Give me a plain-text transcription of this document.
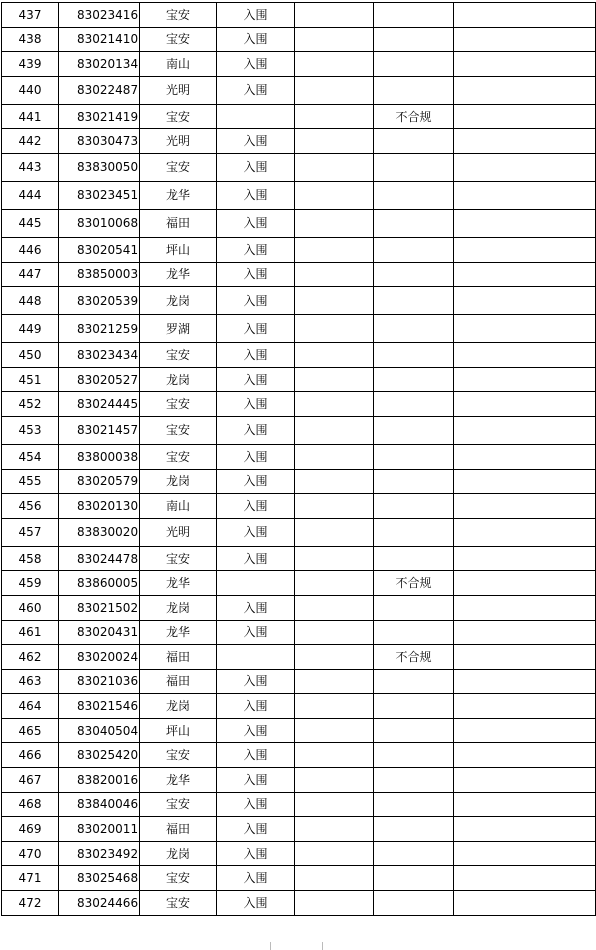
437	83023416	宝安	入围			
438	83021410	宝安	入围			
439	83020134	南山	入围			
440	83022487	光明	入围			
441	83021419	宝安			不合规	
442	83030473	光明	入围			
443	83830050	宝安	入围			
444	83023451	龙华	入围			
445	83010068	福田	入围			
446	83020541	坪山	入围			
447	83850003	龙华	入围			
448	83020539	龙岗	入围			
449	83021259	罗湖	入围			
450	83023434	宝安	入围			
451	83020527	龙岗	入围			
452	83024445	宝安	入围			
453	83021457	宝安	入围			
454	83800038	宝安	入围			
455	83020579	龙岗	入围			
456	83020130	南山	入围			
457	83830020	光明	入围			
458	83024478	宝安	入围			
459	83860005	龙华			不合规	
460	83021502	龙岗	入围			
461	83020431	龙华	入围			
462	83020024	福田			不合规	
463	83021036	福田	入围			
464	83021546	龙岗	入围			
465	83040504	坪山	入围			
466	83025420	宝安	入围			
467	83820016	龙华	入围			
468	83840046	宝安	入围			
469	83020011	福田	入围			
470	83023492	龙岗	入围			
471	83025468	宝安	入围			
472	83024466	宝安	入围			
